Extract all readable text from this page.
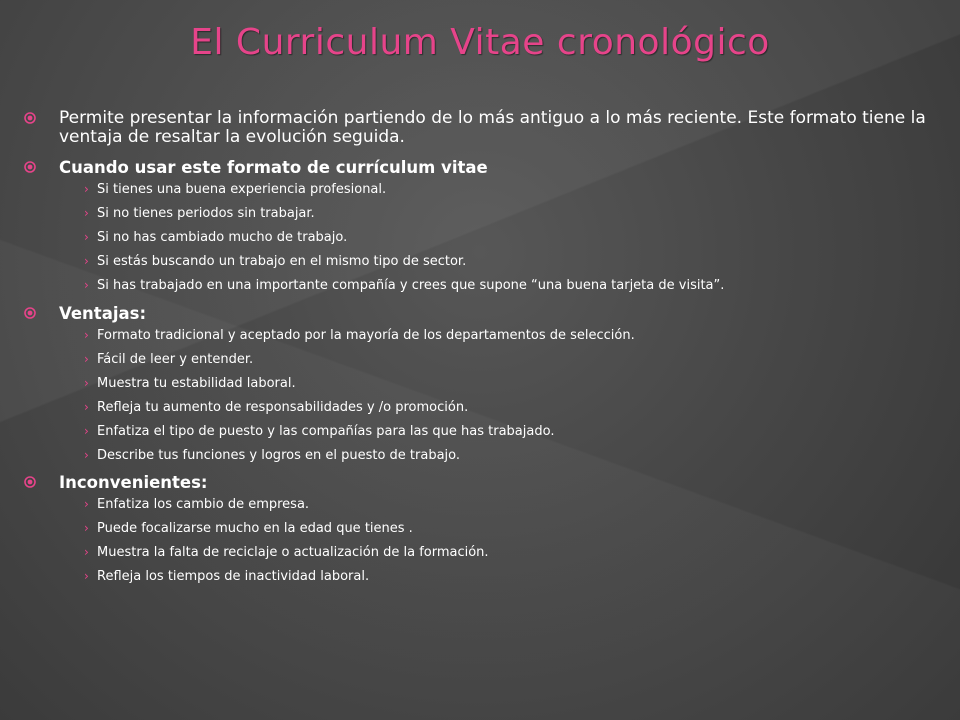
El Curriculum Vitae cronológico
Permite presentar la información partiendo de lo más antiguo a lo más reciente. Este formato tiene la ventaja de resaltar la evolución seguida.
Cuando usar este formato de currículum vitae
› Si tienes una buena experiencia profesional.
› Si no tienes periodos sin trabajar.
› Si no has cambiado mucho de trabajo.
› Si estás buscando un trabajo en el mismo tipo de sector.
› Si has trabajado en una importante compañía y crees que supone “una buena tarjeta de visita”.
Ventajas:
› Formato tradicional y aceptado por la mayoría de los departamentos de selección.
› Fácil de leer y entender.
› Muestra tu estabilidad laboral.
› Refleja tu aumento de responsabilidades y /o promoción.
› Enfatiza el tipo de puesto y las compañías para las que has trabajado.
› Describe tus funciones y logros en el puesto de trabajo.
Inconvenientes:
› Enfatiza los cambio de empresa.
› Puede focalizarse mucho en la edad que tienes .
› Muestra la falta de reciclaje o actualización de la formación.
› Refleja los tiempos de inactividad laboral.
